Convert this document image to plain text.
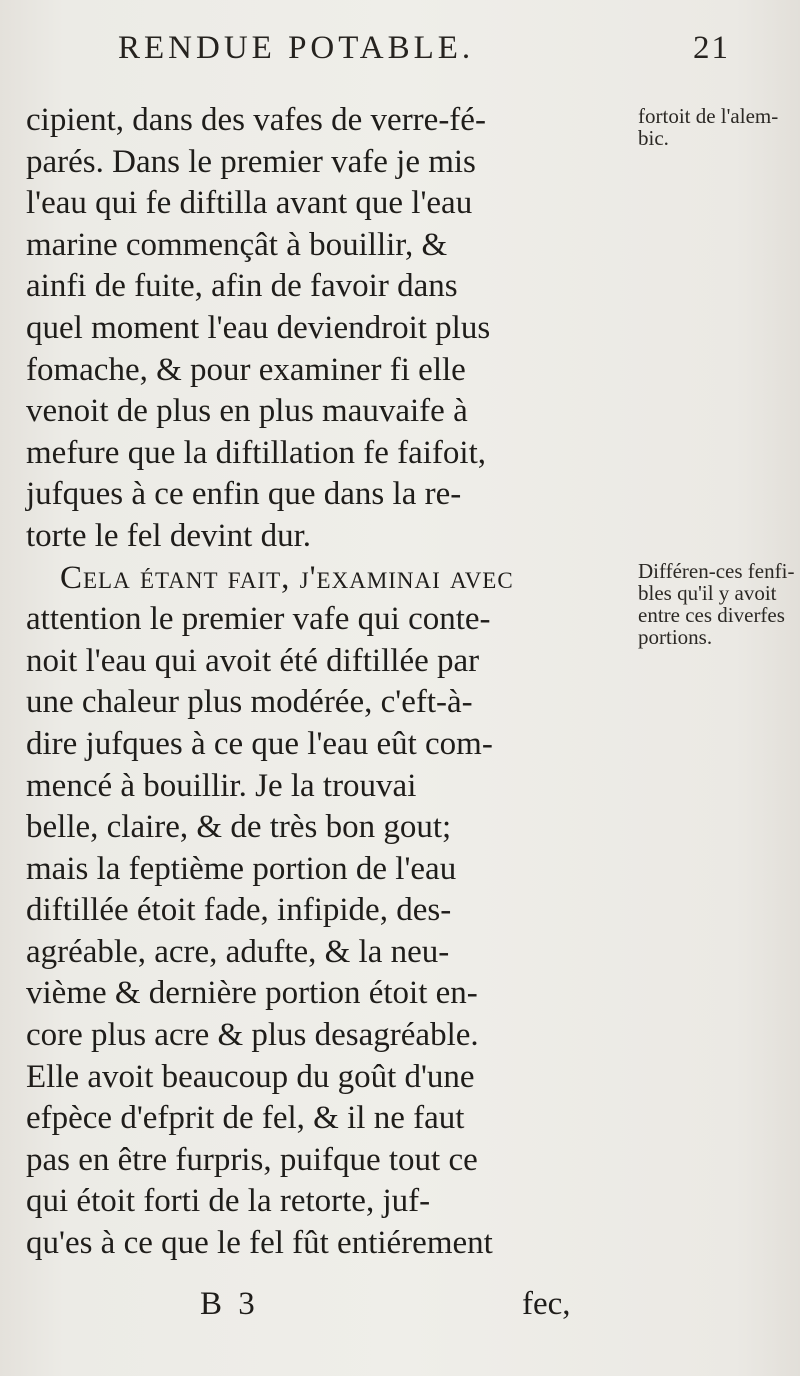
RENDUE POTABLE.	21
cipient, dans des vafes de verre-fé-
parés. Dans le premier vafe je mis
l'eau qui fe diftilla avant que l'eau
marine commençât à bouillir, &
ainfi de fuite, afin de favoir dans
quel moment l'eau deviendroit plus
fomache, & pour examiner fi elle
venoit de plus en plus mauvaife à
mefure que la diftillation fe faifoit,
jufques à ce enfin que dans la re-
torte le fel devint dur.
Cela étant fait, j'examinai avec
attention le premier vafe qui conte-
noit l'eau qui avoit été diftillée par
une chaleur plus modérée, c'eft-à-
dire jufques à ce que l'eau eût com-
mencé à bouillir. Je la trouvai
belle, claire, & de très bon gout;
mais la feptième portion de l'eau
diftillée étoit fade, infipide, des-
agréable, acre, adufte, & la neu-
vième & dernière portion étoit en-
core plus acre & plus desagréable.
Elle avoit beaucoup du goût d'une
efpèce d'efprit de fel, & il ne faut
pas en être furpris, puifque tout ce
qui étoit forti de la retorte, juf-
qu'es à ce que le fel fût entiérement
fortoit de l'alem-bic.
Différen-ces fenfi-bles qu'il y avoit entre ces diverfes portions.
B 3	fec,
